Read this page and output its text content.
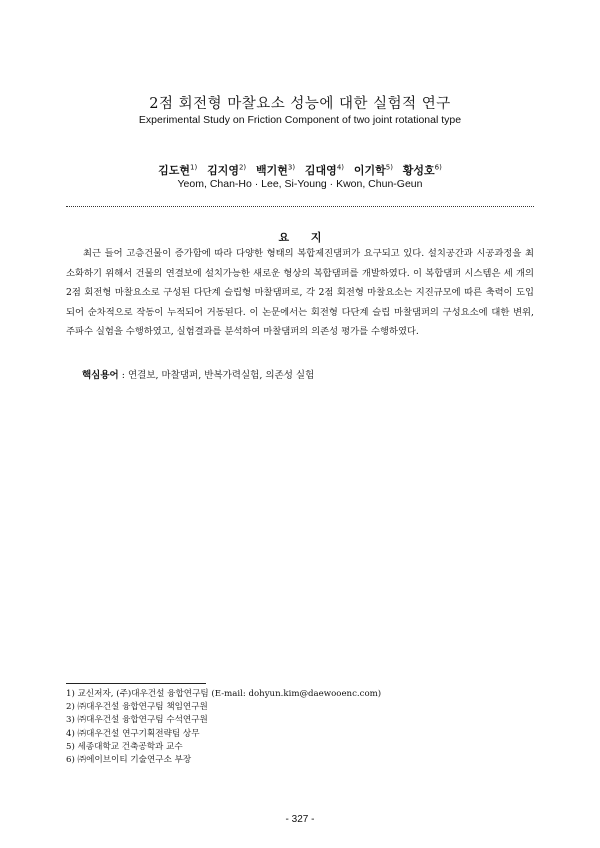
2점 회전형 마찰요소 성능에 대한 실험적 연구
Experimental Study on Friction Component of two joint rotational type
김도현$^{1)}$ 김지영$^{2)}$ 백기현$^{3)}$ 김대영$^{4)}$ 이기학$^{5)}$ 황성호$^{6)}$
Yeom, Chan-Ho · Lee, Si-Young · Kwon, Chun-Geun
요 지
최근 들어 고층건물이 증가함에 따라 다양한 형태의 복합제진댐퍼가 요구되고 있다. 설치공간과 시공과정을 최소화하기 위해서 건물의 연결보에 설치가능한 새로운 형상의 복합댐퍼를 개발하였다. 이 복합댐퍼 시스템은 세 개의 2점 회전형 마찰요소로 구성된 다단계 슬립형 마찰댐퍼로, 각 2점 회전형 마찰요소는 지진규모에 따른 축력이 도입되어 순차적으로 작동이 누적되어 거동된다. 이 논문에서는 회전형 다단계 슬립 마찰댐퍼의 구성요소에 대한 변위, 주파수 실험을 수행하였고, 실험결과를 분석하여 마찰댐퍼의 의존성 평가를 수행하였다.
핵심용어 : 연결보, 마찰댐퍼, 반복가력실험, 의존성 실험
1) 교신저자, (주)대우건설 융합연구팀 (E-mail: dohyun.kim@daewooenc.com)
2) ㈜대우건설 융합연구팀 책임연구원
3) ㈜대우건설 융합연구팀 수석연구원
4) ㈜대우건설 연구기획전략팀 상무
5) 세종대학교 건축공학과 교수
6) ㈜에이브이티 기술연구소 부장
- 327 -
